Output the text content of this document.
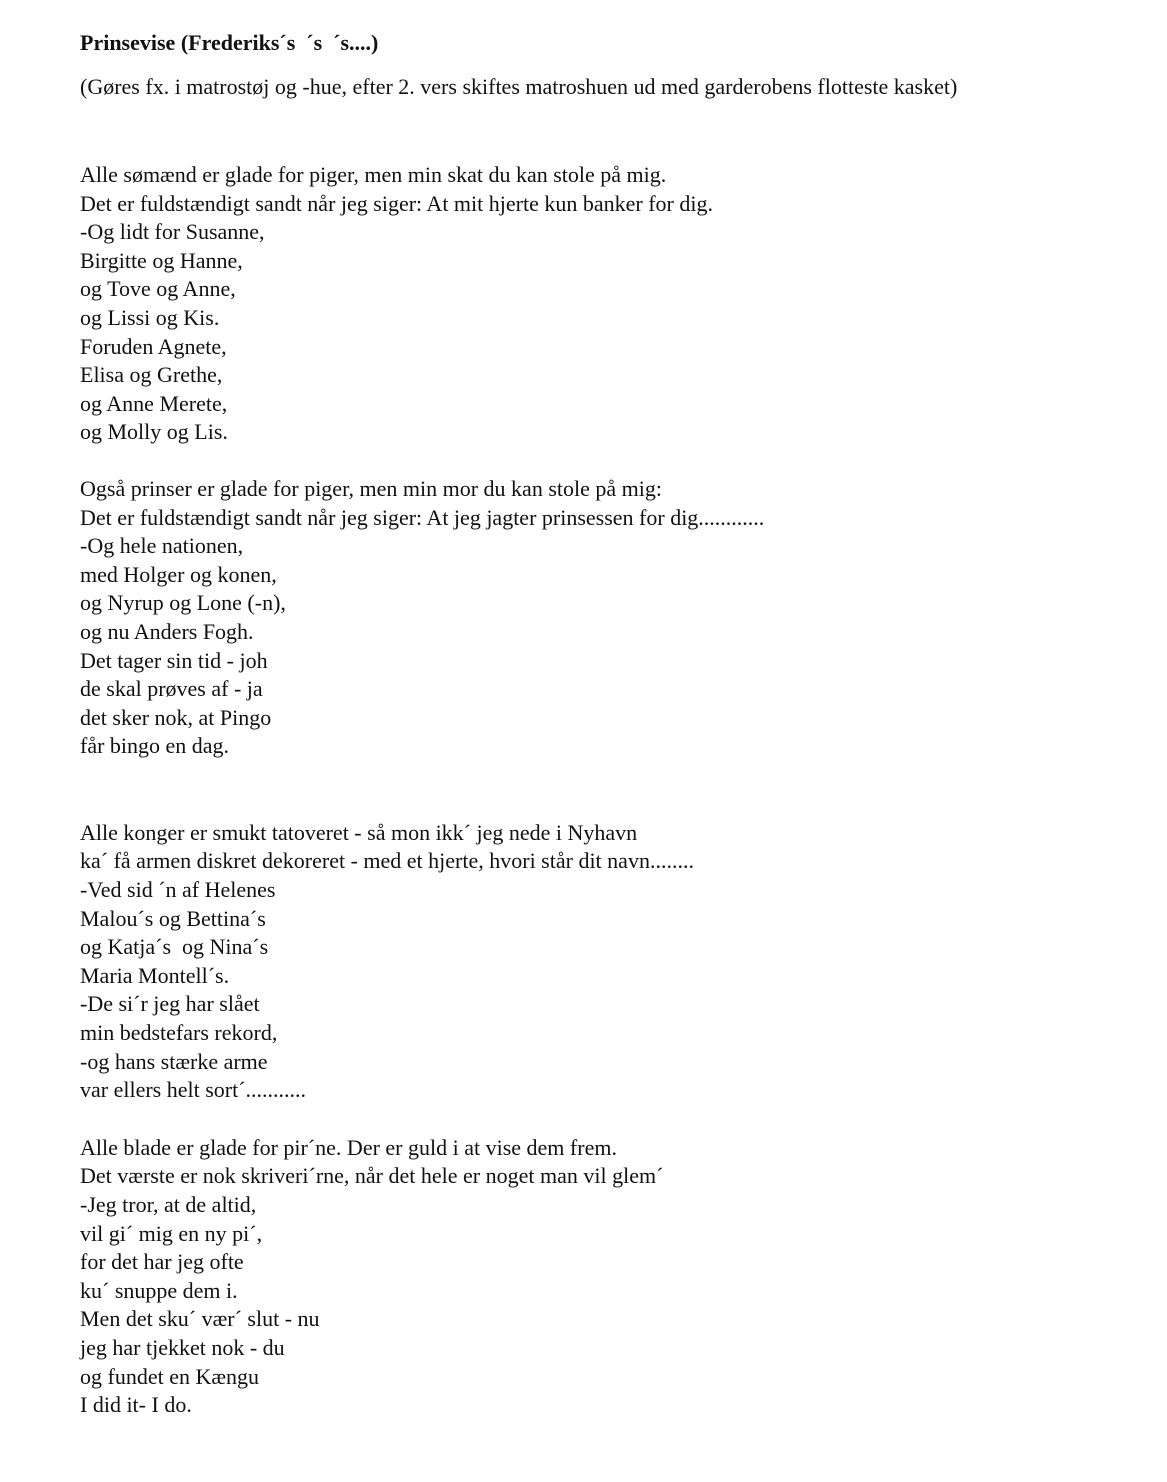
Prinsevise (Frederiks´s  ´s  ´s....)
(Gøres fx. i matrostøj og -hue, efter 2. vers skiftes matroshuen ud med garderobens flotteste kasket)
Alle sømænd er glade for piger, men min skat du kan stole på mig.
Det er fuldstændigt sandt når jeg siger: At mit hjerte kun banker for dig.
-Og lidt for Susanne,
Birgitte og Hanne,
og Tove og Anne,
og Lissi og Kis.
Foruden Agnete,
Elisa og Grethe,
og Anne Merete,
og Molly og Lis.
Også prinser er glade for piger, men min mor du kan stole på mig:
Det er fuldstændigt sandt når jeg siger: At jeg jagter prinsessen for dig............
-Og hele nationen,
med Holger og konen,
og Nyrup og Lone (-n),
og nu Anders Fogh.
Det tager sin tid - joh
de skal prøves af - ja
det sker nok, at Pingo
får bingo en dag.
Alle konger er smukt tatoveret - så mon ikk´ jeg nede i Nyhavn
ka´ få armen diskret dekoreret - med et hjerte, hvori står dit navn........
-Ved sid ´n af Helenes
Malou´s og Bettina´s
og Katja´s  og Nina´s
Maria Montell´s.
-De si´r jeg har slået
min bedstefars rekord,
-og hans stærke arme
var ellers helt sort´...........
Alle blade er glade for pir´ne. Der er guld i at vise dem frem.
Det værste er nok skriveri´rne, når det hele er noget man vil glem´
-Jeg tror, at de altid,
vil gi´ mig en ny pi´,
for det har jeg ofte
ku´ snuppe dem i.
Men det sku´ vær´ slut - nu
jeg har tjekket nok - du
og fundet en Kængu
I did it- I do.
